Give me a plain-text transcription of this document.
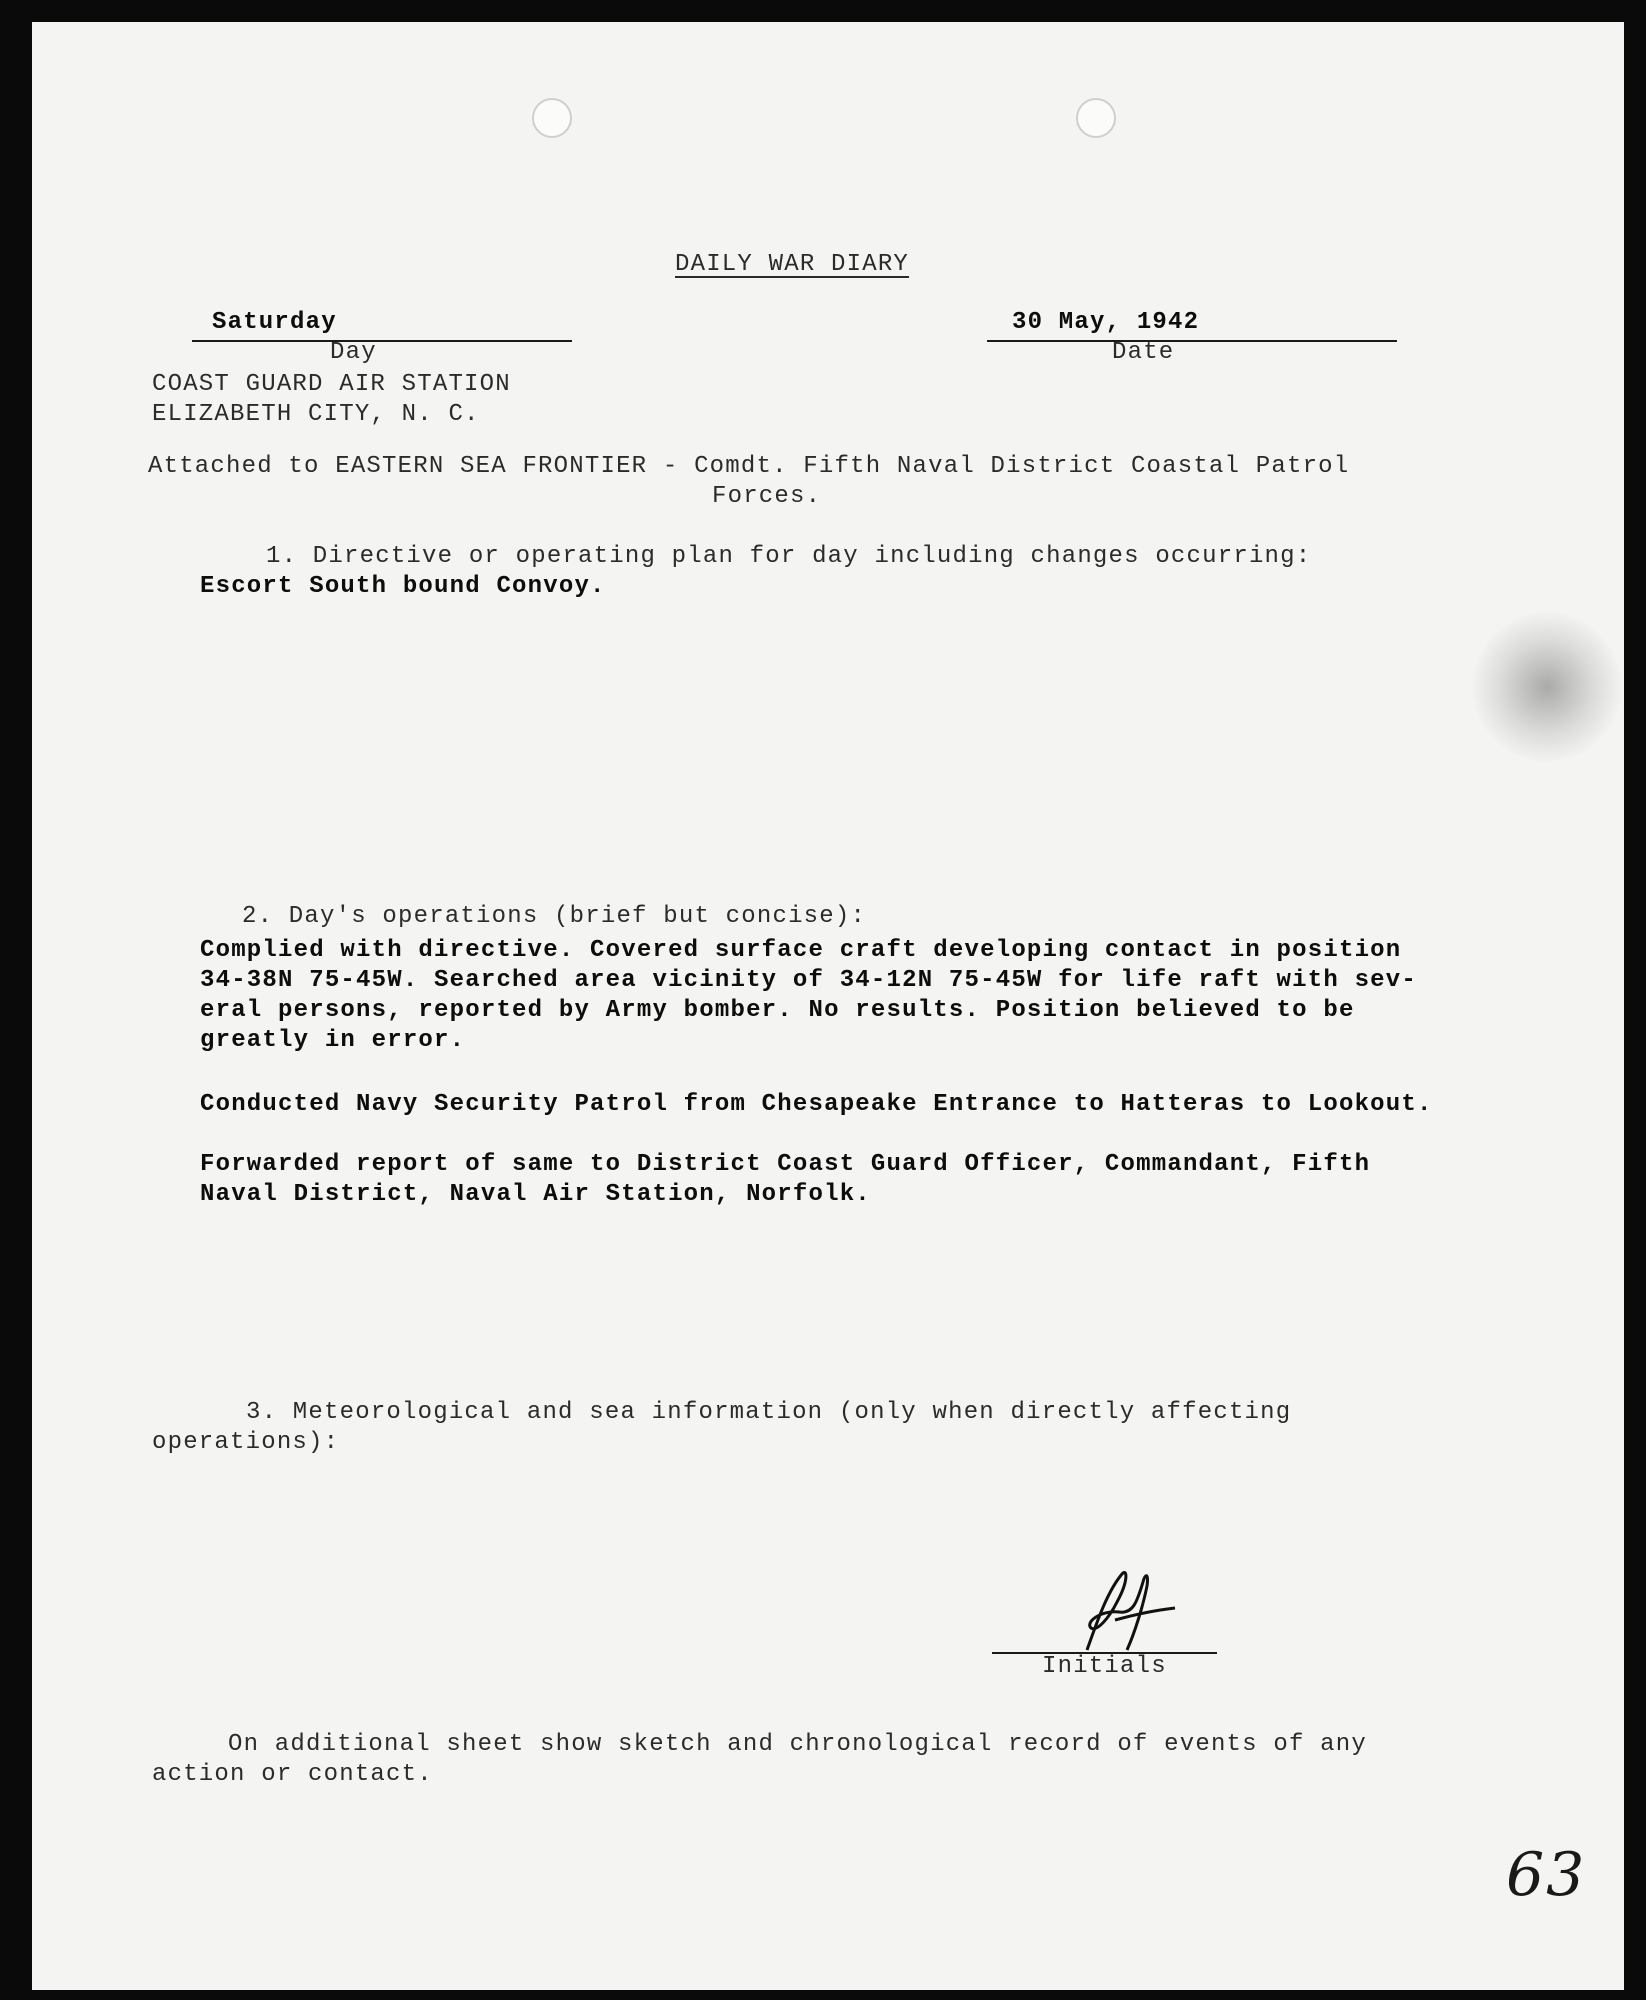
DAILY WAR DIARY
Saturday
Day
30 May, 1942
Date
COAST GUARD AIR STATION
ELIZABETH CITY, N. C.
Attached to EASTERN SEA FRONTIER - Comdt. Fifth Naval District Coastal Patrol
Forces.
1. Directive or operating plan for day including changes occurring:
Escort South bound Convoy.
2. Day's operations (brief but concise):
Complied with directive. Covered surface craft developing contact in position
34-38N 75-45W. Searched area vicinity of 34-12N 75-45W for life raft with sev-
eral persons, reported by Army bomber. No results. Position believed to be
greatly in error.
Conducted Navy Security Patrol from Chesapeake Entrance to Hatteras to Lookout.
Forwarded report of same to District Coast Guard Officer, Commandant, Fifth
Naval District, Naval Air Station, Norfolk.
3. Meteorological and sea information (only when directly affecting
operations):
Initials
On additional sheet show sketch and chronological record of events of any
action or contact.
63
